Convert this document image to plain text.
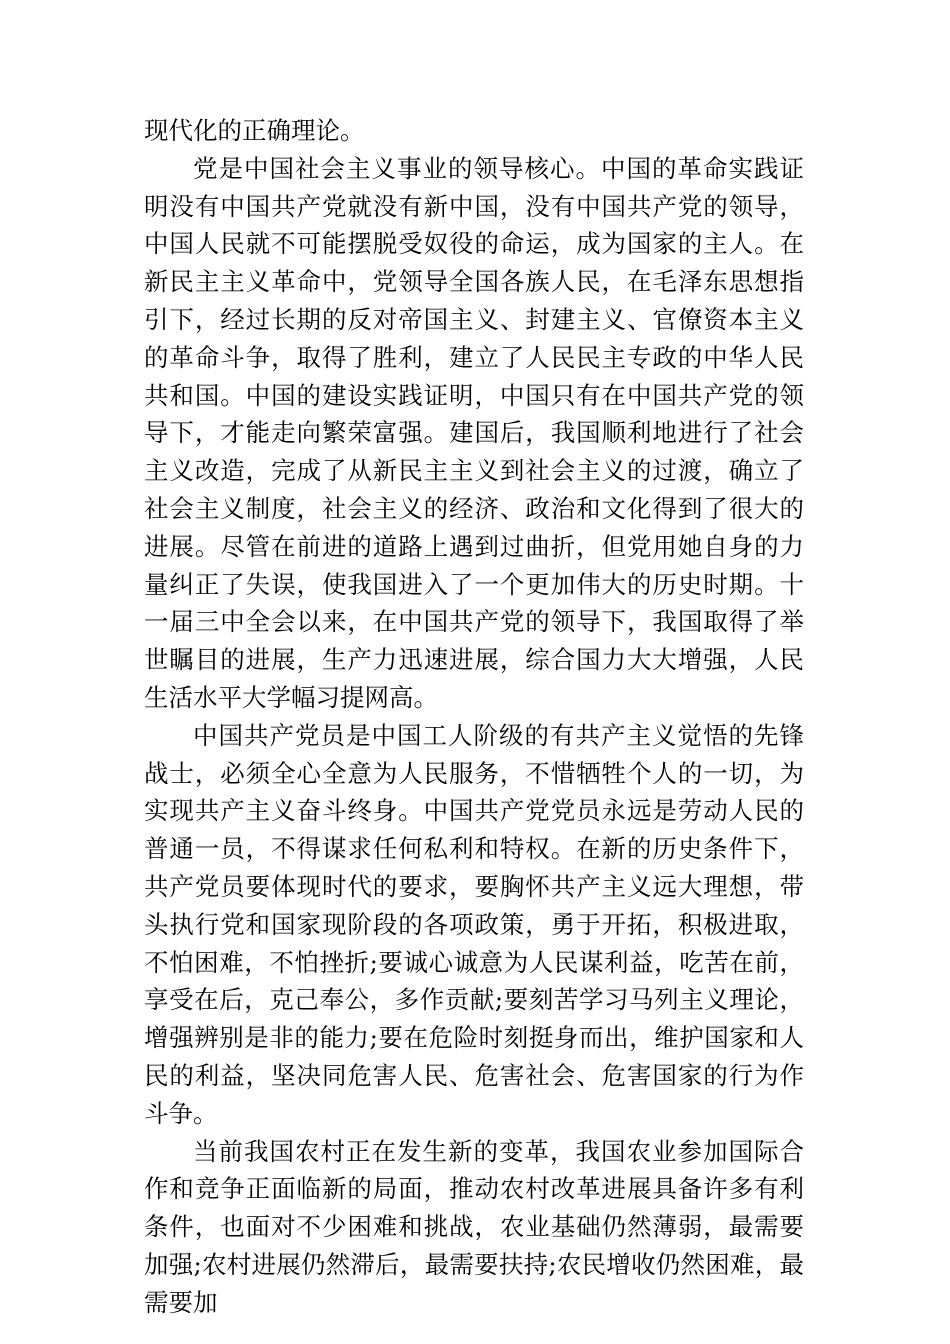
现代化的正确理论。

党是中国社会主义事业的领导核心。中国的革命实践证明没有中国共产党就没有新中国，没有中国共产党的领导，中国人民就不可能摆脱受奴役的命运，成为国家的主人。在新民主主义革命中，党领导全国各族人民，在毛泽东思想指引下，经过长期的反对帝国主义、封建主义、官僚资本主义的革命斗争，取得了胜利，建立了人民民主专政的中华人民共和国。中国的建设实践证明，中国只有在中国共产党的领导下，才能走向繁荣富强。建国后，我国顺利地进行了社会主义改造，完成了从新民主主义到社会主义的过渡，确立了社会主义制度，社会主义的经济、政治和文化得到了很大的进展。尽管在前进的道路上遇到过曲折，但党用她自身的力量纠正了失误，使我国进入了一个更加伟大的历史时期。十一届三中全会以来，在中国共产党的领导下，我国取得了举世瞩目的进展，生产力迅速进展，综合国力大大增强，人民生活水平大学幅习提网高。

中国共产党员是中国工人阶级的有共产主义觉悟的先锋战士，必须全心全意为人民服务，不惜牺牲个人的一切，为实现共产主义奋斗终身。中国共产党党员永远是劳动人民的普通一员，不得谋求任何私利和特权。在新的历史条件下，共产党员要体现时代的要求，要胸怀共产主义远大理想，带头执行党和国家现阶段的各项政策，勇于开拓，积极进取，不怕困难，不怕挫折;要诚心诚意为人民谋利益，吃苦在前，享受在后，克己奉公，多作贡献;要刻苦学习马列主义理论，增强辨别是非的能力;要在危险时刻挺身而出，维护国家和人民的利益，坚决同危害人民、危害社会、危害国家的行为作斗争。

当前我国农村正在发生新的变革，我国农业参加国际合作和竞争正面临新的局面，推动农村改革进展具备许多有利条件，也面对不少困难和挑战，农业基础仍然薄弱，最需要加强;农村进展仍然滞后，最需要扶持;农民增收仍然困难，最需要加
